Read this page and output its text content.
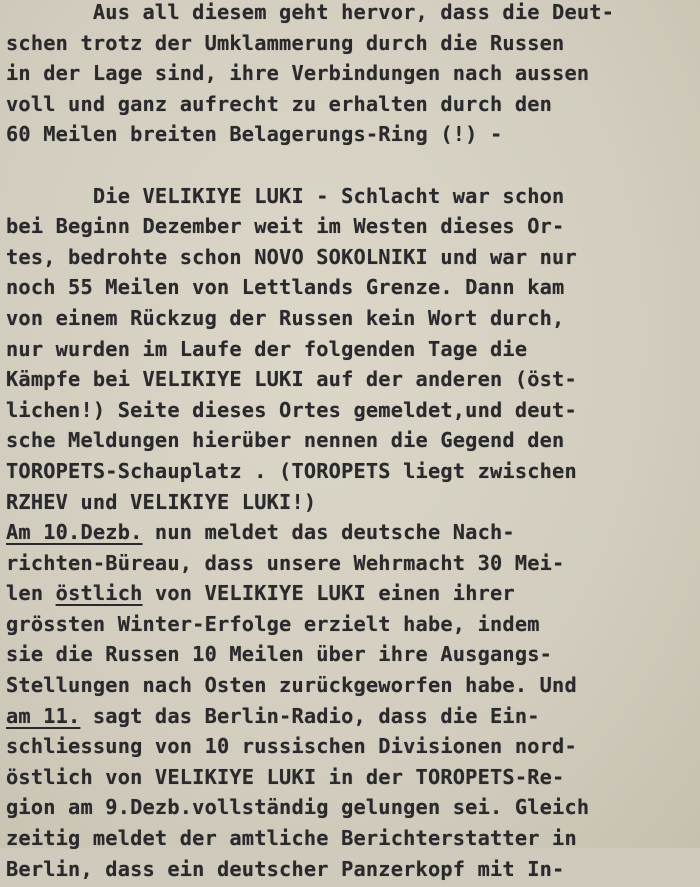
Aus all diesem geht hervor, dass die Deut-
schen trotz der Umklammerung durch die Russen
in der Lage sind, ihre Verbindungen nach aussen
voll und ganz aufrecht zu erhalten durch den
60 Meilen breiten Belagerungs-Ring (!) -
Die VELIKIYE LUKI - Schlacht war schon
bei Beginn Dezember weit im Westen dieses Or-
tes, bedrohte schon NOVO SOKOLNIKI und war nur
noch 55 Meilen von Lettlands Grenze. Dann kam
von einem Rückzug der Russen kein Wort durch,
nur wurden im Laufe der folgenden Tage die
Kämpfe bei VELIKIYE LUKI auf der anderen (öst-
lichen!) Seite dieses Ortes gemeldet,und deut-
sche Meldungen hierüber nennen die Gegend den
TOROPETS-Schauplatz . (TOROPETS liegt zwischen
RZHEV und VELIKIYE LUKI!)
Am 10.Dezb. nun meldet das deutsche Nach-
richten-Büreau, dass unsere Wehrmacht 30 Mei-
len östlich von VELIKIYE LUKI einen ihrer
grössten Winter-Erfolge erzielt habe, indem
sie die Russen 10 Meilen über ihre Ausgangs-
Stellungen nach Osten zurückgeworfen habe. Und
am 11. sagt das Berlin-Radio, dass die Ein-
schliessung von 10 russischen Divisionen nord-
östlich von VELIKIYE LUKI in der TOROPETS-Re-
gion am 9.Dezb.vollständig gelungen sei. Gleich
zeitig meldet der amtliche Berichterstatter in
Berlin, dass ein deutscher Panzerkopf mit In-
